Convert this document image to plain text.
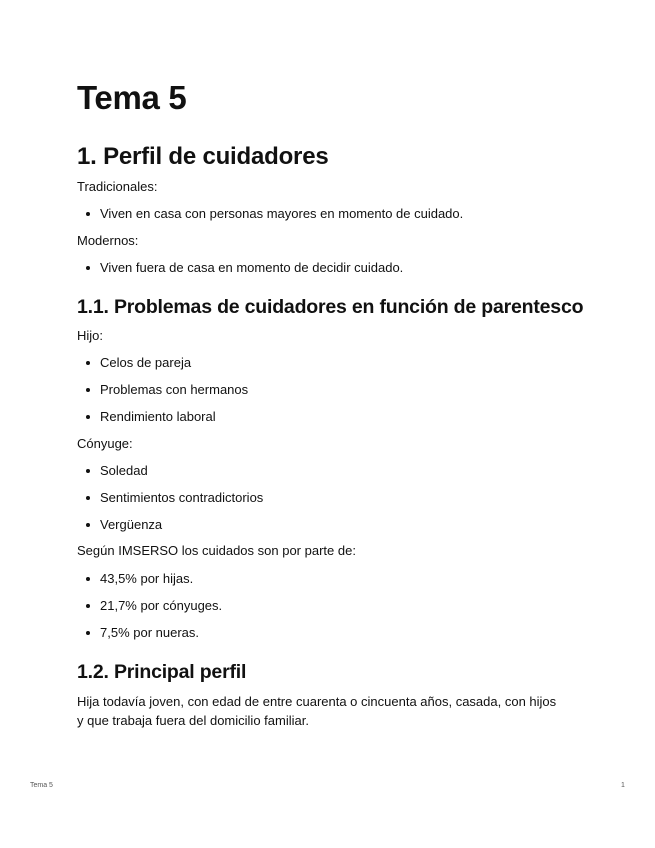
Tema 5
1. Perfil de cuidadores

Tradicionales:

Viven en casa con personas mayores en momento de cuidado.

Modernos:

Viven fuera de casa en momento de decidir cuidado.
1.1. Problemas de cuidadores en función de parentesco

Hijo:

Celos de pareja
Problemas con hermanos
Rendimiento laboral

Cónyuge:

Soledad
Sentimientos contradictorios
Vergüenza

Según IMSERSO los cuidados son por parte de:

43,5% por hijas.
21,7% por cónyuges.
7,5% por nueras.
1.2. Principal perfil

Hija todavía joven, con edad de entre cuarenta o cincuenta años, casada, con hijos y que trabaja fuera del domicilio familiar.

Tema 5	1
